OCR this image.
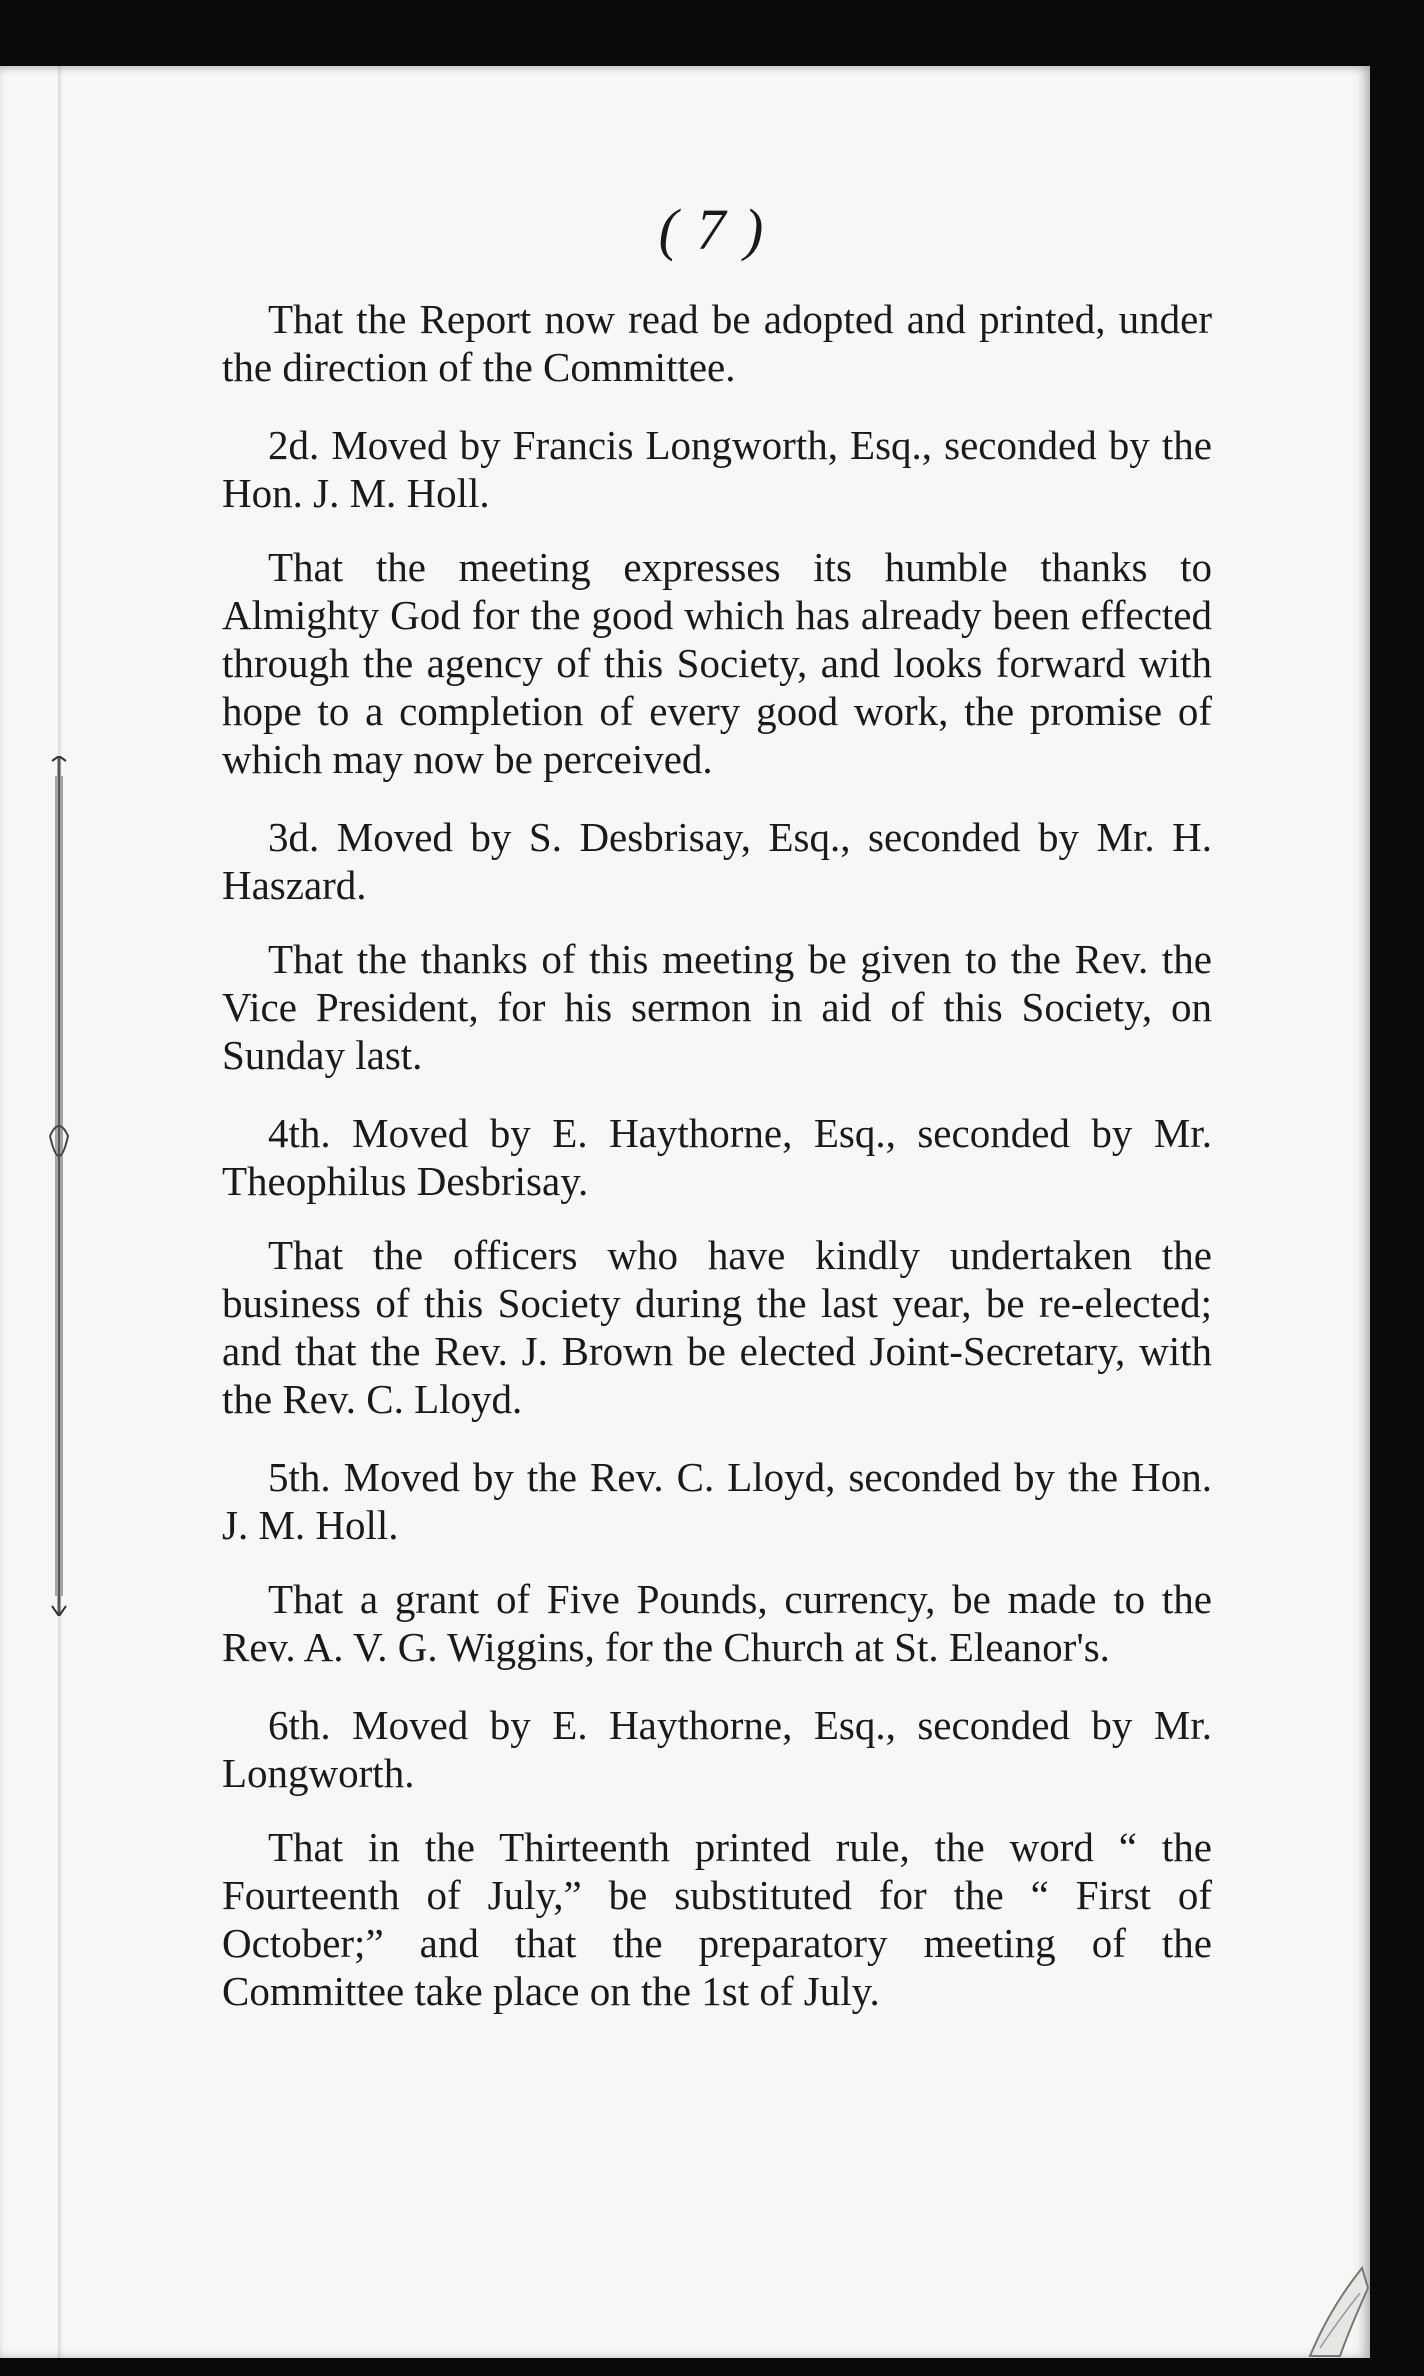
( 7 )

That the Report now read be adopted and printed, under the direction of the Committee.

2d. Moved by Francis Longworth, Esq., seconded by the Hon. J. M. Holl.

That the meeting expresses its humble thanks to Almighty God for the good which has already been effected through the agency of this Society, and looks forward with hope to a completion of every good work, the promise of which may now be perceived.

3d. Moved by S. Desbrisay, Esq., seconded by Mr. H. Haszard.

That the thanks of this meeting be given to the Rev. the Vice President, for his sermon in aid of this Society, on Sunday last.

4th. Moved by E. Haythorne, Esq., seconded by Mr. Theophilus Desbrisay.

That the officers who have kindly undertaken the business of this Society during the last year, be re-elected; and that the Rev. J. Brown be elected Joint-Secretary, with the Rev. C. Lloyd.

5th. Moved by the Rev. C. Lloyd, seconded by the Hon. J. M. Holl.

That a grant of Five Pounds, currency, be made to the Rev. A. V. G. Wiggins, for the Church at St. Eleanor's.

6th. Moved by E. Haythorne, Esq., seconded by Mr. Longworth.

That in the Thirteenth printed rule, the word “ the Fourteenth of July,” be substituted for the “ First of October;” and that the preparatory meeting of the Committee take place on the 1st of July.
